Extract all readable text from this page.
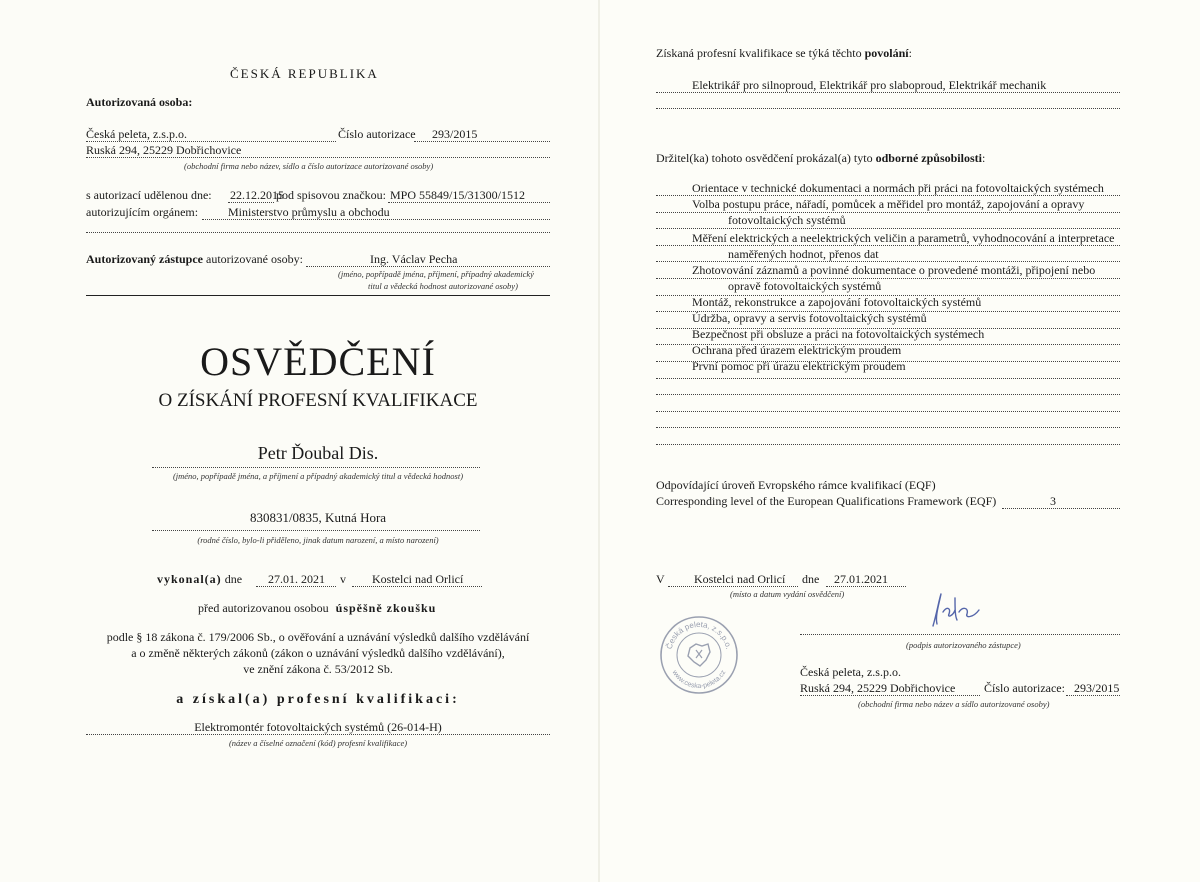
ČESKÁ REPUBLIKA
Autorizovaná osoba:
Česká peleta, z.s.p.o.	Číslo autorizace 293/2015
Ruská 294, 25229 Dobřichovice
(obchodní firma nebo název, sídlo a číslo autorizace autorizované osoby)
s autorizací udělenou dne: 22.12.2015
pod spisovou značkou: MPO 55849/15/31300/1512
autorizujícím orgánem: Ministerstvo průmyslu a obchodu
Autorizovaný zástupce autorizované osoby:	Ing. Václav Pecha
(jméno, popřípadě jména, příjmení, případný akademický
titul a vědecká hodnost autorizované osoby)
OSVĚDČENÍ
O ZÍSKÁNÍ PROFESNÍ KVALIFIKACE
Petr Ďoubal Dis.
(jméno, popřípadě jména, a příjmení a případný akademický titul a vědecká hodnost)
830831/0835, Kutná Hora
(rodné číslo, bylo-li přiděleno, jinak datum narození, a místo narození)
vykonal(a) dne 27.01. 2021 v Kostelci nad Orlicí
před autorizovanou osobou úspěšně zkoušku
podle § 18 zákona č. 179/2006 Sb., o ověřování a uznávání výsledků dalšího vzdělávání
a o změně některých zákonů (zákon o uznávání výsledků dalšího vzdělávání),
ve znění zákona č. 53/2012 Sb.
a získal(a) profesní kvalifikaci:
Elektromontér fotovoltaických systémů (26-014-H)
(název a číselné označení (kód) profesní kvalifikace)
Získaná profesní kvalifikace se týká těchto povolání:
Elektrikář pro silnoproud, Elektrikář pro slaboproud, Elektrikář mechanik
Držitel(ka) tohoto osvědčení prokázal(a) tyto odborné způsobilosti:
Orientace v technické dokumentaci a normách při práci na fotovoltaických systémech
Volba postupu práce, nářadí, pomůcek a měřidel pro montáž, zapojování a opravy
fotovoltaických systémů
Měření elektrických a neelektrických veličin a parametrů, vyhodnocování a interpretace
naměřených hodnot, přenos dat
Zhotovování záznamů a povinné dokumentace o provedené montáži, připojení nebo
opravě fotovoltaických systémů
Montáž, rekonstrukce a zapojování fotovoltaických systémů
Údržba, opravy a servis fotovoltaických systémů
Bezpečnost při obsluze a práci na fotovoltaických systémech
Ochrana před úrazem elektrickým proudem
První pomoc při úrazu elektrickým proudem
Odpovídající úroveň Evropského rámce kvalifikací (EQF)
Corresponding level of the European Qualifications Framework (EQF)	3
V Kostelci nad Orlicí dne 27.01.2021
(místo a datum vydání osvědčení)
(podpis autorizovaného zástupce)
Česká peleta, z.s.p.o.
www.ceska-peleta.cz	Česká peleta, z.s.p.o.
Ruská 294, 25229 Dobřichovice Číslo autorizace: 293/2015
(obchodní firma nebo název a sídlo autorizované osoby)
